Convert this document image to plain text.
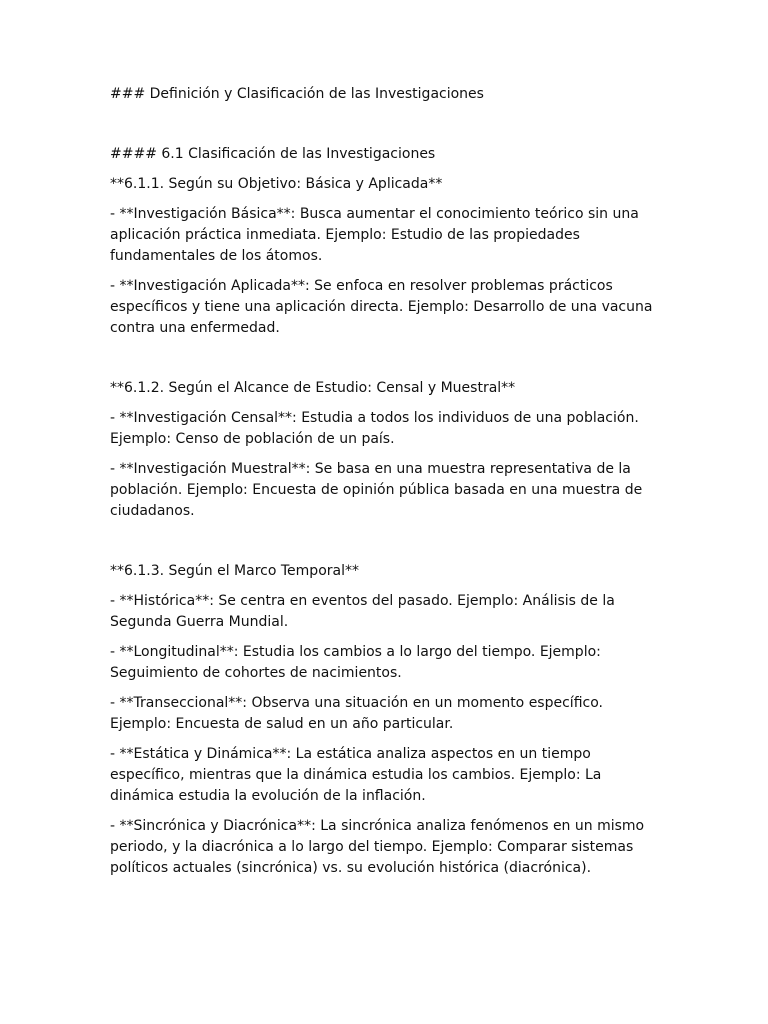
### Definición y Clasificación de las Investigaciones

#### 6.1 Clasificación de las Investigaciones

**6.1.1. Según su Objetivo: Básica y Aplicada**

- **Investigación Básica**: Busca aumentar el conocimiento teórico sin una aplicación práctica inmediata. Ejemplo: Estudio de las propiedades fundamentales de los átomos.

- **Investigación Aplicada**: Se enfoca en resolver problemas prácticos específicos y tiene una aplicación directa. Ejemplo: Desarrollo de una vacuna contra una enfermedad.

**6.1.2. Según el Alcance de Estudio: Censal y Muestral**

- **Investigación Censal**: Estudia a todos los individuos de una población. Ejemplo: Censo de población de un país.

- **Investigación Muestral**: Se basa en una muestra representativa de la población. Ejemplo: Encuesta de opinión pública basada en una muestra de ciudadanos.

**6.1.3. Según el Marco Temporal**

- **Histórica**: Se centra en eventos del pasado. Ejemplo: Análisis de la Segunda Guerra Mundial.

- **Longitudinal**: Estudia los cambios a lo largo del tiempo. Ejemplo: Seguimiento de cohortes de nacimientos.

- **Transeccional**: Observa una situación en un momento específico. Ejemplo: Encuesta de salud en un año particular.

- **Estática y Dinámica**: La estática analiza aspectos en un tiempo específico, mientras que la dinámica estudia los cambios. Ejemplo: La dinámica estudia la evolución de la inflación.

- **Sincrónica y Diacrónica**: La sincrónica analiza fenómenos en un mismo periodo, y la diacrónica a lo largo del tiempo. Ejemplo: Comparar sistemas políticos actuales (sincrónica) vs. su evolución histórica (diacrónica).
